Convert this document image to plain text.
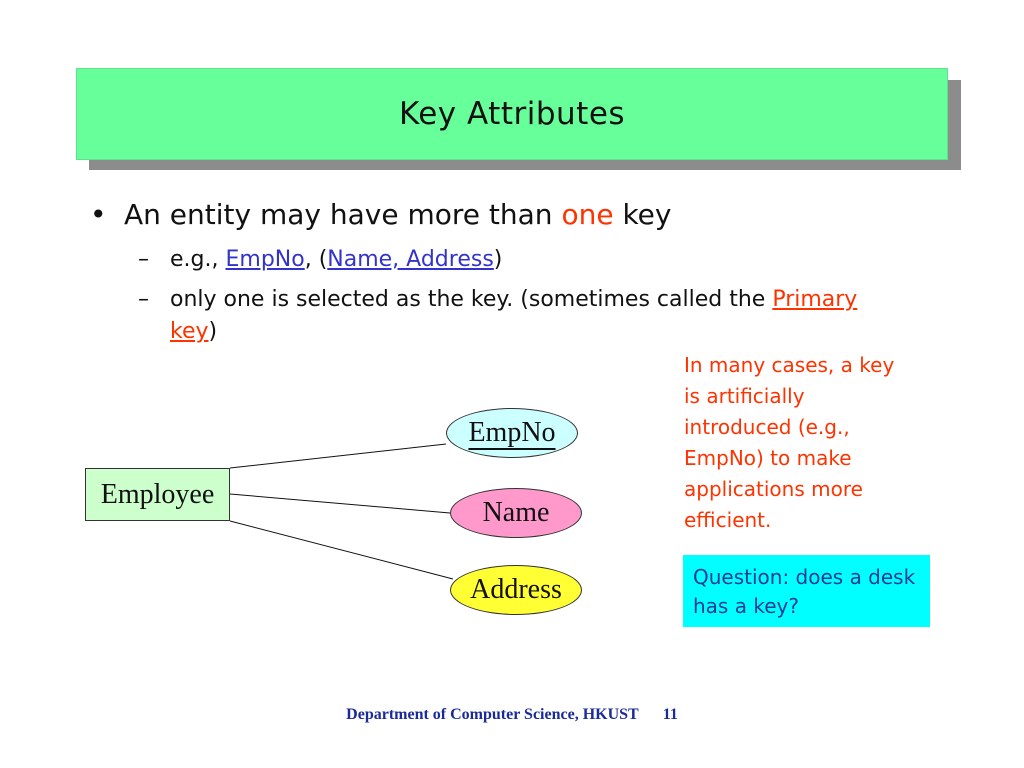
Key Attributes
• An entity may have more than one key
– e.g., EmpNo, (Name, Address)
– only one is selected as the key. (sometimes called the Primary key)
In many cases, a key is artificially introduced (e.g., EmpNo) to make applications more efficient.
Question: does a desk has a key?
Employee
EmpNo
Name
Address
Department of Computer Science, HKUST 11
